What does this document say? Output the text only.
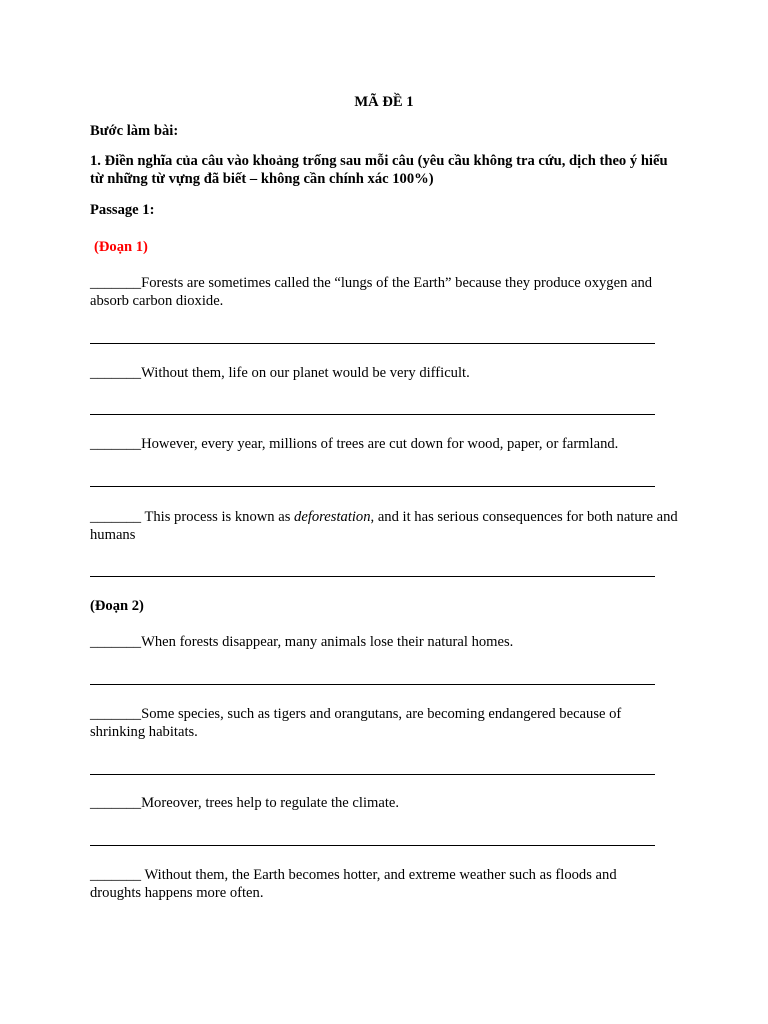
MÃ ĐỀ 1
Bước làm bài:
1. Điền nghĩa của câu vào khoảng trống sau mỗi câu (yêu cầu không tra cứu, dịch theo ý hiểu từ những từ vựng đã biết – không cần chính xác 100%)
Passage 1:
(Đoạn 1)
_______Forests are sometimes called the “lungs of the Earth” because they produce oxygen and absorb carbon dioxide.
_______Without them, life on our planet would be very difficult.
_______However, every year, millions of trees are cut down for wood, paper, or farmland.
_______ This process is known as deforestation, and it has serious consequences for both nature and humans
(Đoạn 2)
_______When forests disappear, many animals lose their natural homes.
_______Some species, such as tigers and orangutans, are becoming endangered because of shrinking habitats.
_______Moreover, trees help to regulate the climate.
_______ Without them, the Earth becomes hotter, and extreme weather such as floods and droughts happens more often.
